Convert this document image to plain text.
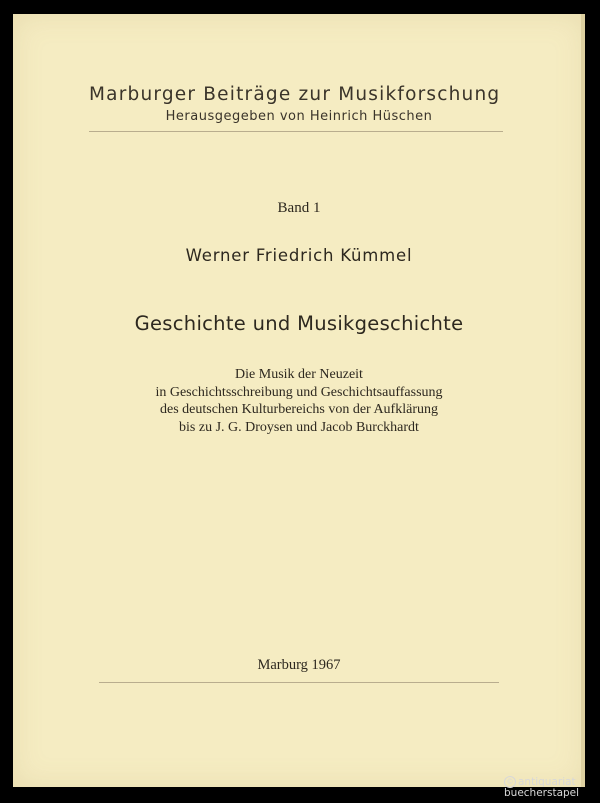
Marburger Beiträge zur Musikforschung
Herausgegeben von Heinrich Hüschen
Band 1
Werner Friedrich Kümmel
Geschichte und Musikgeschichte
Die Musik der Neuzeit
in Geschichtsschreibung und Geschichtsauffassung
des deutschen Kulturbereichs von der Aufklärung
bis zu J. G. Droysen und Jacob Burckhardt
Marburg 1967
© antiquariat
buecherstapel
